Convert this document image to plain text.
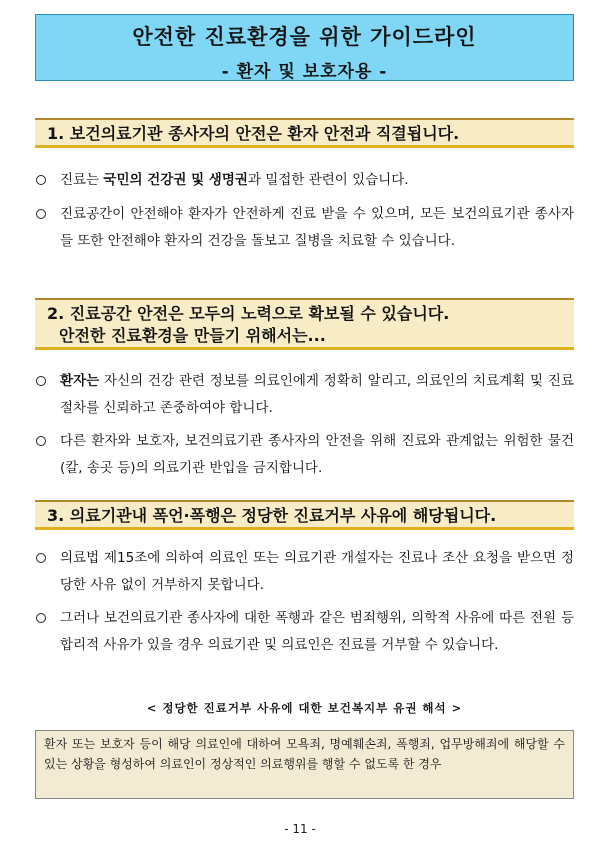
안전한 진료환경을 위한 가이드라인
- 환자 및 보호자용 -
1. 보건의료기관 종사자의 안전은 환자 안전과 직결됩니다.
진료는 국민의 건강권 및 생명권과 밀접한 관련이 있습니다.
진료공간이 안전해야 환자가 안전하게 진료 받을 수 있으며, 모든 보건의료기관 종사자들 또한 안전해야 환자의 건강을 돌보고 질병을 치료할 수 있습니다.
2. 진료공간 안전은 모두의 노력으로 확보될 수 있습니다.
안전한 진료환경을 만들기 위해서는...
환자는 자신의 건강 관련 정보를 의료인에게 정확히 알리고, 의료인의 치료계획 및 진료절차를 신뢰하고 존중하여야 합니다.
다른 환자와 보호자, 보건의료기관 종사자의 안전을 위해 진료와 관계없는 위험한 물건(칼, 송곳 등)의 의료기관 반입을 금지합니다.
3. 의료기관내 폭언·폭행은 정당한 진료거부 사유에 해당됩니다.
의료법 제15조에 의하여 의료인 또는 의료기관 개설자는 진료나 조산 요청을 받으면 정당한 사유 없이 거부하지 못합니다.
그러나 보건의료기관 종사자에 대한 폭행과 같은 범죄행위, 의학적 사유에 따른 전원 등 합리적 사유가 있을 경우 의료기관 및 의료인은 진료를 거부할 수 있습니다.
< 정당한 진료거부 사유에 대한 보건복지부 유권 해석 >
환자 또는 보호자 등이 해당 의료인에 대하여 모욕죄, 명예훼손죄, 폭행죄, 업무방해죄에 해당할 수 있는 상황을 형성하여 의료인이 정상적인 의료행위를 행할 수 없도록 한 경우
- 11 -
